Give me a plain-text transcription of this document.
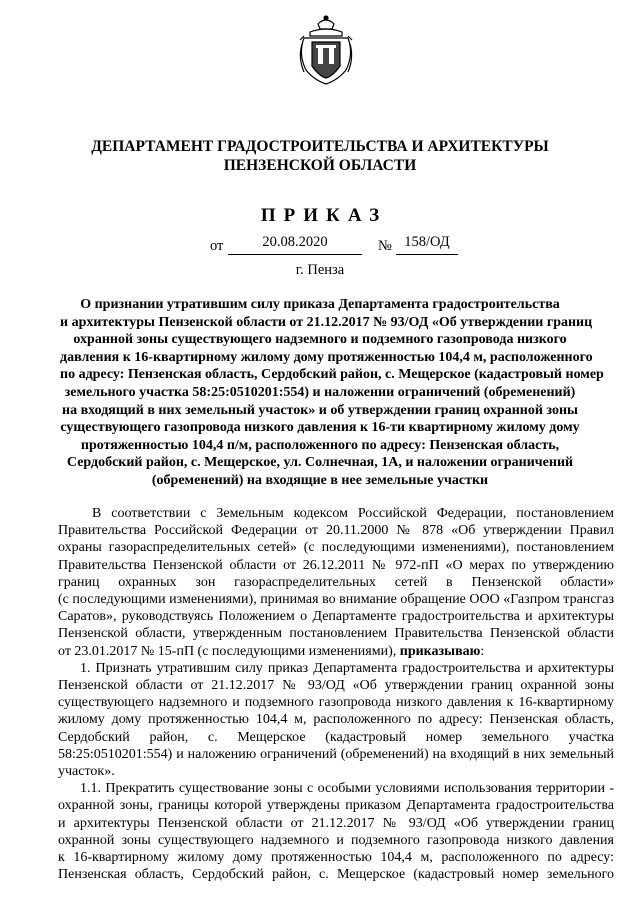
ДЕПАРТАМЕНТ ГРАДОСТРОИТЕЛЬСТВА И АРХИТЕКТУРЫ
ПЕНЗЕНСКОЙ ОБЛАСТИ
ПРИКАЗ
от	20.08.2020	№ 158/ОД
г. Пенза
О признании утратившим силу приказа Департамента градостроительства
и архитектуры Пензенской области от 21.12.2017 № 93/ОД «Об утверждении границ
охранной зоны существующего надземного и подземного газопровода низкого
давления к 16-квартирному жилому дому протяженностью 104,4 м, расположенного
по адресу: Пензенская область, Сердобский район, с. Мещерское (кадастровый номер
земельного участка 58:25:0510201:554) и наложении ограничений (обременений)
на входящий в них земельный участок» и об утверждении границ охранной зоны
существующего газопровода низкого давления к 16-ти квартирному жилому дому
протяженностью 104,4 п/м, расположенного по адресу: Пензенская область,
Сердобский район, с. Мещерское, ул. Солнечная, 1А, и наложении ограничений
(обременений) на входящие в нее земельные участки
В соответствии с Земельным кодексом Российской Федерации, постановлением
Правительства Российской Федерации от 20.11.2000 № 878 «Об утверждении Правил
охраны газораспределительных сетей» (с последующими изменениями), постановлением
Правительства Пензенской области от 26.12.2011 № 972-пП «О мерах по утверждению
границ охранных зон газораспределительных сетей в Пензенской области»
(с последующими изменениями), принимая во внимание обращение ООО «Газпром трансгаз
Саратов», руководствуясь Положением о Департаменте градостроительства и архитектуры
Пензенской области, утвержденным постановлением Правительства Пензенской области
от 23.01.2017 № 15-пП (с последующими изменениями), приказываю:
1. Признать утратившим силу приказ Департамента градостроительства и архитектуры
Пензенской области от 21.12.2017 № 93/ОД «Об утверждении границ охранной зоны
существующего надземного и подземного газопровода низкого давления к 16-квартирному
жилому дому протяженностью 104,4 м, расположенного по адресу: Пензенская область,
Сердобский район, с. Мещерское (кадастровый номер земельного участка
58:25:0510201:554) и наложению ограничений (обременений) на входящий в них земельный
участок».
1.1. Прекратить существование зоны с особыми условиями использования территории -
охранной зоны, границы которой утверждены приказом Департамента градостроительства
и архитектуры Пензенской области от 21.12.2017 № 93/ОД «Об утверждении границ
охранной зоны существующего надземного и подземного газопровода низкого давления
к 16-квартирному жилому дому протяженностью 104,4 м, расположенного по адресу:
Пензенская область, Сердобский район, с. Мещерское (кадастровый номер земельного
